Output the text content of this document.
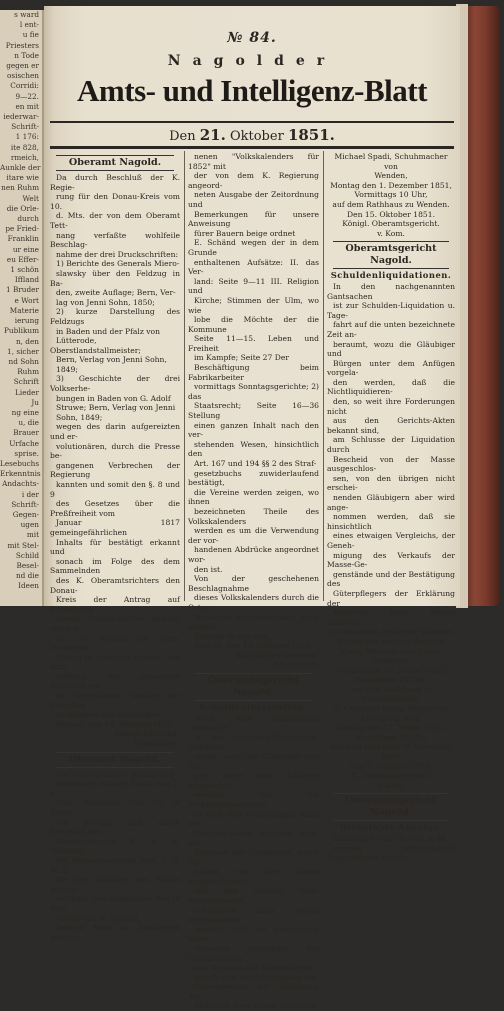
s ward
l ent-
u fie
Priesters
n Tode
gegen er
osischen
Corridi:
9—22.
en mit
iederwar-
Schrift-
1 176:
ite 828,
rmeich,
Aunkle der
itare wie
nen Ruhm
Welt
die Orle-
durch
pe Fried-
Franklin
ur eine
eu Effer-
1 schön
Iffland
1 Bruder
e Wort
Materie
ierung
Publikum
n, den
1, sicher
nd Sohn
Ruhm
Schrift
Lieder
Ju
ng eine
u, die
Brauer
Urfache
sprise.
Lesebuchs
Erkenntnis
Andachts-
i der
Schrift-
Gegen-
ugen
mit
mit Stel-
Schild
Besel-
nd die
Ideen
№ 84.
Nagolder
Amts- und Intelligenz-Blatt
Den 21. Oktober 1851.
Oberamt Nagold.

Da durch Beschluß der K. Regie-

rung für den Donau-Kreis vom 10.

d. Mts. der von dem Oberamt Tett-

nang verfaßte wohlfeile Beschlag-

nahme der drei Druckschriften:

1) Berichte des Generals Miero-

slawsky über den Feldzug in Ba-

den, zweite Auflage; Bern, Ver-

lag von Jenni Sohn, 1850;

2) kurze Darstellung des Feldzugs

in Baden und der Pfalz von

Lütterode, Oberstlandstallmeister;

Bern, Verlag von Jenni Sohn,

1849;

3) Geschichte der drei Volkserhe-

bungen in Baden von G. Adolf

Struwe; Bern, Verlag von Jenni

Sohn, 1849;

wegen des darin aufgereizten und er-

volutionären, durch die Presse be-

gangenen Verbrechen der Regierung

kannten und somit den §. 8 und 9

des Gesetzes über die Preßfreiheit vom

Januar 1817 gemeingefährlichen

Inhalts für bestätigt erkannt und

sonach im Folge des dem Sammelnden

des K. Oberamtsrichters den Donau-

Kreis der Antrag auf Einziehung

dieser Druckschriften gestellt worden

ist, so werden die Orts-Vorsteher

hievon in Kenntniß gesetzt, mit dem

Auftrag, die genannten Schriften wo

sie vorgefunden werden mit Beschlag

zu belegen und anzuzeigen.

Nagold, den 18. Oktober 1851.
Königl. Oberamt.
Bredbeckel.
Oberamt Nagold.

Die Orts-Vorsteher werden mit

Beziehung auf den Erlaß vom 2. d.

Mts., Amtsblatt Nro. 79, in Kennt-

niß gesetzt, daß durch Beschluß des

Kommandanten K. S. N. Oberamt

für Werkanwendung vom 7. d. M. S.

für den Inhaber des Wehrs zufolge

verfügte Beschlagnahme des in dem

Verlag von B. Sprund,

Badern Sohn in Reutlingen erschie-

nenen "Volkskalenders für 1852" mit

der von dem K. Regierung angeord-

neten Ausgabe der Zeitordnung und

Bemerkungen für unsere Anweisung

fürer Bauern beige ordnet

E. Schänd wegen der in dem Grunde

enthaltenen Aufsätze: II. das Ver-

land: Seite 9—11 III. Religion und

Kirche; Stimmen der Ulm, wo wie

lobe die Möchte der die Kommune

Seite 11—15. Leben und Freiheit

im Kampfe; Seite 27 Der

Beschäftigung beim Fabrikarbeiter

vormittags Sonntagsgerichte; 2) das

Staatsrecht; Seite 16—36 Stellung

einen ganzen Inhalt nach den ver-

stehenden Wesen, hinsichtlich den

Art. 167 und 194 §§ 2 des Straf-

gesetzbuchs zuwiderlaufend bestätigt,

die Vereine werden zeigen, wo ihnen

bezeichneten Theile des Volkskalenders

werden es um die Verwendung der vor-

handenen Abdrücke angeordnet wor-

den ist.

Von der geschehenen Beschlagnahme

dieses Volkskalenders durch die Orts-

Vorsteher vorkommenden Falls alsbald

Anzeige zu machen.

Nagold, den 18. Oktober 1851.
Königliches Oberamt.
Bredbeckel.
Oberamtsgericht Nagold.
Schuldenliquidation.

Nach dem namenlosen Gantsache

in der Schulden-Richtungen-Tagefahrt

raumt, wozu die Gläubiger und Bür-

gen unter dem Anfügen vorgeladen

werden, daß die Nichtliquidierenden,

so weit ihre Forderungen nicht aus

Gerichts-Akten bekannt sind, am

Schlusse der Liquidation durch Be-

scheid von der Masse ausgeschlossen,

von den übrigen nicht erscheinenden

Gläubigern aber werde angenommen

werden, daß sie hinsichtlich eines

etwaigen Vergleichs, der Genehmigung

des Verkaufs der Masse-Gegen-

stände und der Bestätigung des

Güterpflegers der Erklärung der

Mehrheit ihrer Klasse beitreten.

Michael Spadi, Schuhmacher von

Wenden,

Montag den 1. Dezember 1851,

Vormittags 10 Uhr,

auf dem Rathhaus zu Wenden.

Den 15. Oktober 1851.

Königl. Oberamtsgericht.

v. Kom.

Oberamtsgericht Nagold.
Schuldenliquidationen.

In den nachgenannten Gantsachen

ist zur Schulden-Liquidation u. Tage-

fahrt auf die unten bezeichnete Zeit an-

beraumt, wozu die Gläubiger und

Bürgen unter dem Anfügen vorgela-

den werden, daß die Nichtliquidieren-

den, so weit ihre Forderungen nicht

aus den Gerichts-Akten bekannt sind,

am Schlusse der Liquidation durch

Bescheid von der Masse ausgeschlos-

sen, von den übrigen nicht erschei-

nenden Gläubigern aber wird ange-

nommen werden, daß sie hinsichtlich

eines etwaigen Vergleichs, der Geneh-

migung des Verkaufs der Masse-Ge-

genstände und der Bestätigung des

Güterpflegers der Erklärung der

Mehrheit ihrer Klasse beitreten.

1) Catharine, geborene Görtner,

Wittwe des weiland Ambrosi

Kienz, Weberin von Unter-

thalheim.

Montag den 10. Novbr. 1851,

Vormittags 10 Uhr,

auf dem Rathhaus in Unterthalheim.

2) Christian Haug, Weber von

Altensteig Dorf,

Montag den 17. Novbr. 1851,

Vormittags 10 Uhr,

auf dem Rathhaus in Altensteig Dorf.

Den 7. Oktober 1851.

K. Oberamtsgericht.

v. Kom.

Oberamtsgericht Nagold.
Diebstahls-Anzeige.

In der Zeit vom 29.—30. v. M.

wurden nachstehende Gegenstände, welche
